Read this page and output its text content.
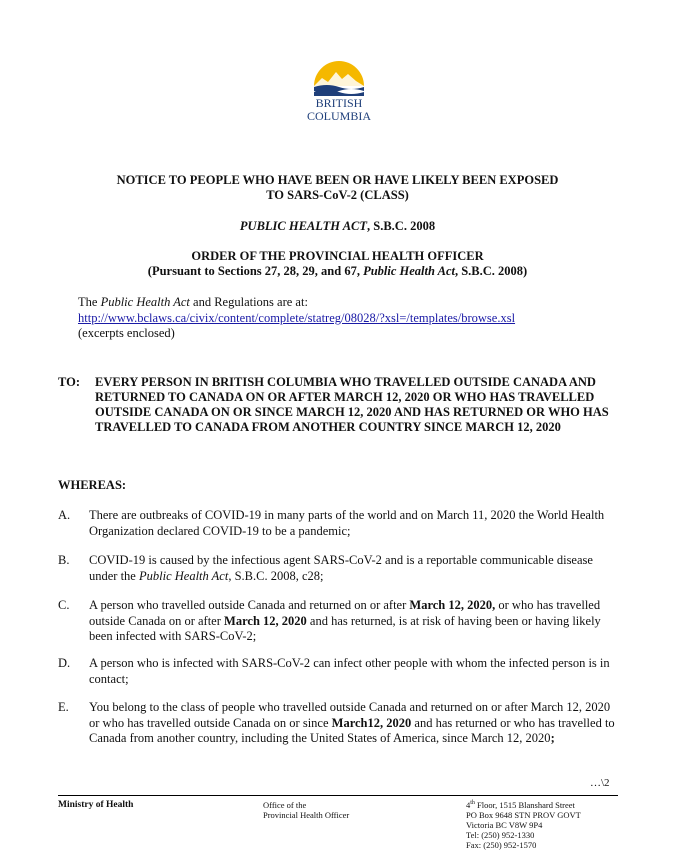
BRITISH
COLUMBIA
NOTICE TO PEOPLE WHO HAVE BEEN OR HAVE LIKELY BEEN EXPOSED
TO SARS-CoV-2 (CLASS)
PUBLIC HEALTH ACT, S.B.C. 2008
ORDER OF THE PROVINCIAL HEALTH OFFICER
(Pursuant to Sections 27, 28, 29, and 67, Public Health Act, S.B.C. 2008)
The Public Health Act and Regulations are at:
http://www.bclaws.ca/civix/content/complete/statreg/08028/?xsl=/templates/browse.xsl
(excerpts enclosed)
TO: EVERY PERSON IN BRITISH COLUMBIA WHO TRAVELLED OUTSIDE CANADA AND RETURNED TO CANADA ON OR AFTER MARCH 12, 2020 OR WHO HAS TRAVELLED OUTSIDE CANADA ON OR SINCE MARCH 12, 2020 AND HAS RETURNED OR WHO HAS TRAVELLED TO CANADA FROM ANOTHER COUNTRY SINCE MARCH 12, 2020
WHEREAS:
A. There are outbreaks of COVID-19 in many parts of the world and on March 11, 2020 the World Health Organization declared COVID-19 to be a pandemic;
B. COVID-19 is caused by the infectious agent SARS-CoV-2 and is a reportable communicable disease under the Public Health Act, S.B.C. 2008, c28;
C. A person who travelled outside Canada and returned on or after March 12, 2020, or who has travelled outside Canada on or after March 12, 2020 and has returned, is at risk of having been or having likely been infected with SARS-CoV-2;
D. A person who is infected with SARS-CoV-2 can infect other people with whom the infected person is in contact;
E. You belong to the class of people who travelled outside Canada and returned on or after March 12, 2020 or who has travelled outside Canada on or since March12, 2020 and has returned or who has travelled to Canada from another country, including the United States of America, since March 12, 2020;
…\2
Ministry of Health	Office of the
Provincial Health Officer
4th Floor, 1515 Blanshard Street
PO Box 9648 STN PROV GOVT
Victoria BC V8W 9P4
Tel: (250) 952-1330
Fax: (250) 952-1570
